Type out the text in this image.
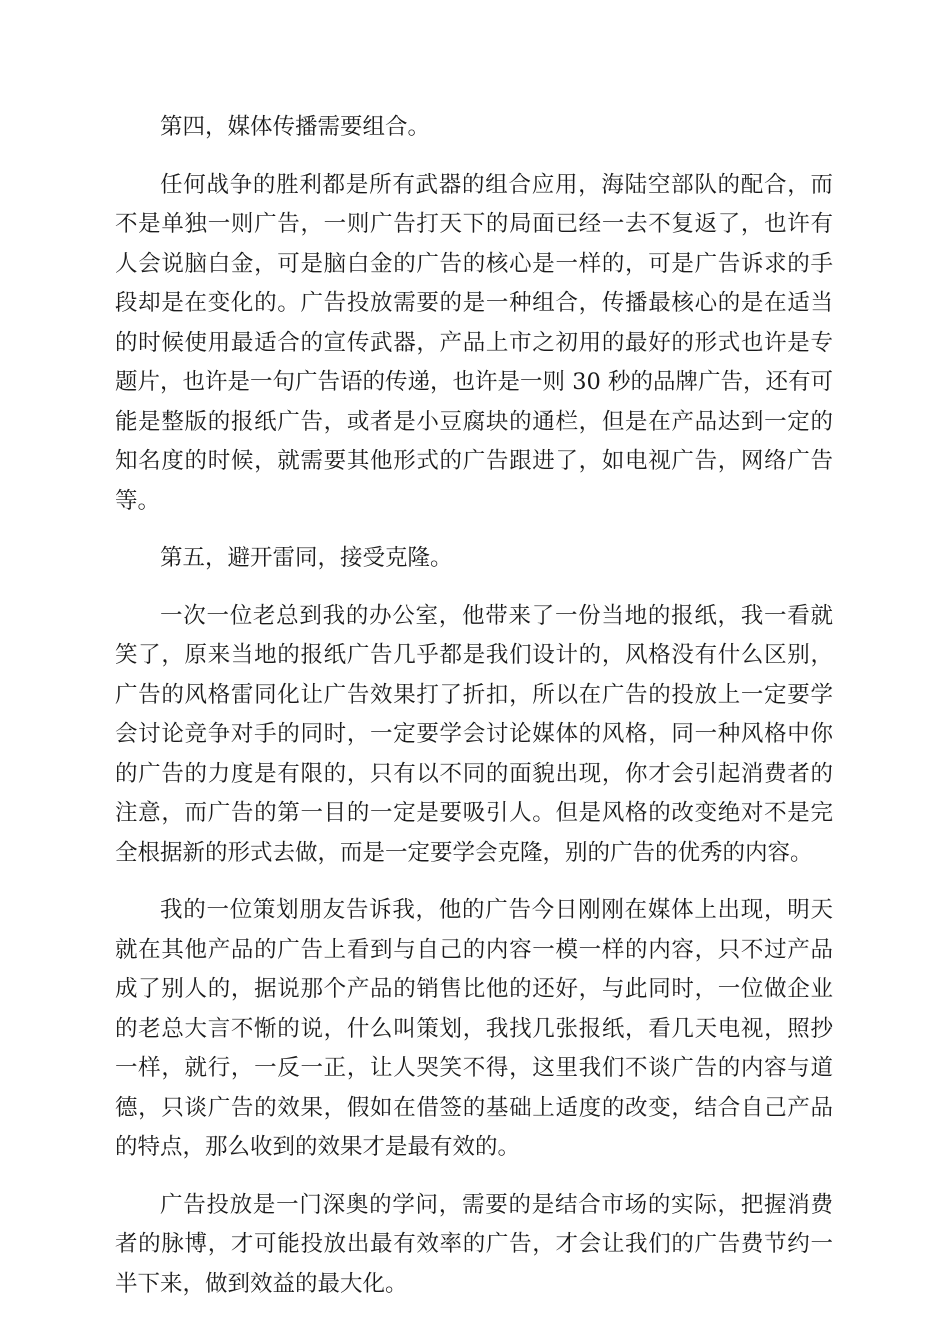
第四，媒体传播需要组合。

任何战争的胜利都是所有武器的组合应用，海陆空部队的配合，而不是单独一则广告，一则广告打天下的局面已经一去不复返了，也许有人会说脑白金，可是脑白金的广告的核心是一样的，可是广告诉求的手段却是在变化的。广告投放需要的是一种组合，传播最核心的是在适当的时候使用最适合的宣传武器，产品上市之初用的最好的形式也许是专题片，也许是一句广告语的传递，也许是一则 30 秒的品牌广告，还有可能是整版的报纸广告，或者是小豆腐块的通栏，但是在产品达到一定的知名度的时候，就需要其他形式的广告跟进了，如电视广告，网络广告等。

第五，避开雷同，接受克隆。

一次一位老总到我的办公室，他带来了一份当地的报纸，我一看就笑了，原来当地的报纸广告几乎都是我们设计的，风格没有什么区别，广告的风格雷同化让广告效果打了折扣，所以在广告的投放上一定要学会讨论竞争对手的同时，一定要学会讨论媒体的风格，同一种风格中你的广告的力度是有限的，只有以不同的面貌出现，你才会引起消费者的注意，而广告的第一目的一定是要吸引人。但是风格的改变绝对不是完全根据新的形式去做，而是一定要学会克隆，别的广告的优秀的内容。

我的一位策划朋友告诉我，他的广告今日刚刚在媒体上出现，明天就在其他产品的广告上看到与自己的内容一模一样的内容，只不过产品成了别人的，据说那个产品的销售比他的还好，与此同时，一位做企业的老总大言不惭的说，什么叫策划，我找几张报纸，看几天电视，照抄一样，就行，一反一正，让人哭笑不得，这里我们不谈广告的内容与道德，只谈广告的效果，假如在借签的基础上适度的改变，结合自己产品的特点，那么收到的效果才是最有效的。

广告投放是一门深奥的学问，需要的是结合市场的实际，把握消费者的脉博，才可能投放出最有效率的广告，才会让我们的广告费节约一半下来，做到效益的最大化。
